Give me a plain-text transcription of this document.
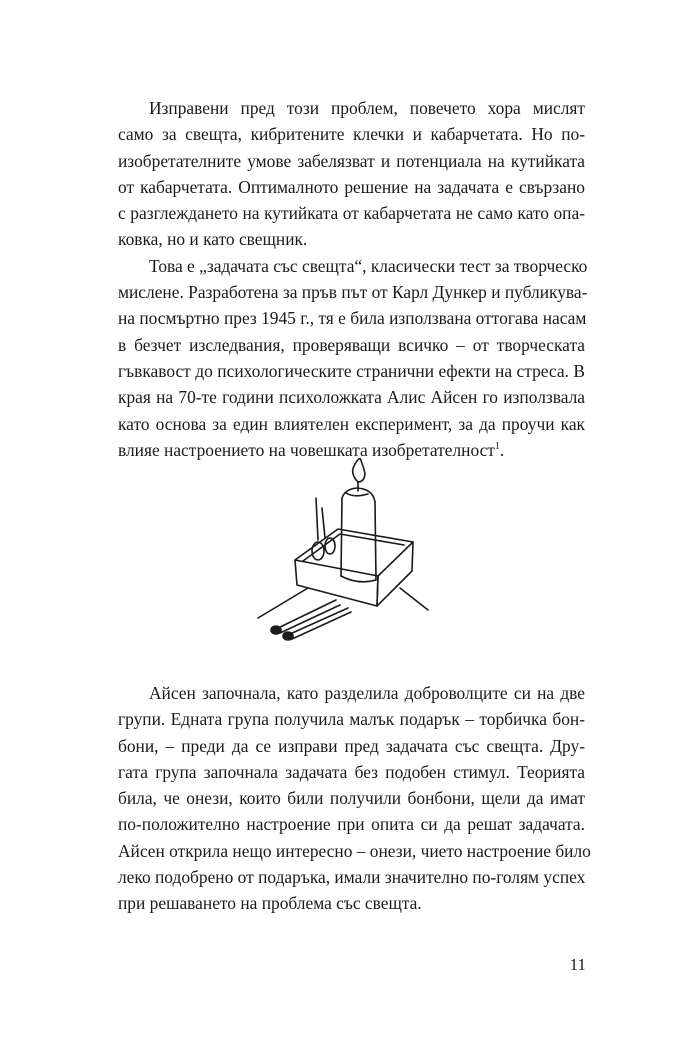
Изправени пред този проблем, повечето хора мислят
само за свещта, кибритените клечки и кабарчетата. Но по-
изобретателните умове забелязват и потенциала на кутийката
от кабарчетата. Оптималното решение на задачата е свързано
с разглеждането на кутийката от кабарчетата не само като опа-
ковка, но и като свещник.
Това е „задачата със свещта“, класически тест за творческо
мислене. Разработена за пръв път от Карл Дункер и публикува-
на посмъртно през 1945 г., тя е била използвана оттогава насам
в безчет изследвания, проверяващи всичко – от творческата
гъвкавост до психологическите странични ефекти на стреса. В
края на 70-те години психоложката Алис Айсен го използвала
като основа за един влиятелен експеримент, за да проучи как
влияе настроението на човешката изобретателност$^1$.
Айсен започнала, като разделила доброволците си на две
групи. Едната група получила малък подарък – торбичка бон-
бони, – преди да се изправи пред задачата със свещта. Дру-
гата група започнала задачата без подобен стимул. Теорията
била, че онези, които били получили бонбони, щели да имат
по-положително настроение при опита си да решат задачата.
Айсен открила нещо интересно – онези, чието настроение било
леко подобрено от подаръка, имали значително по-голям успех
при решаването на проблема със свещта.
11
